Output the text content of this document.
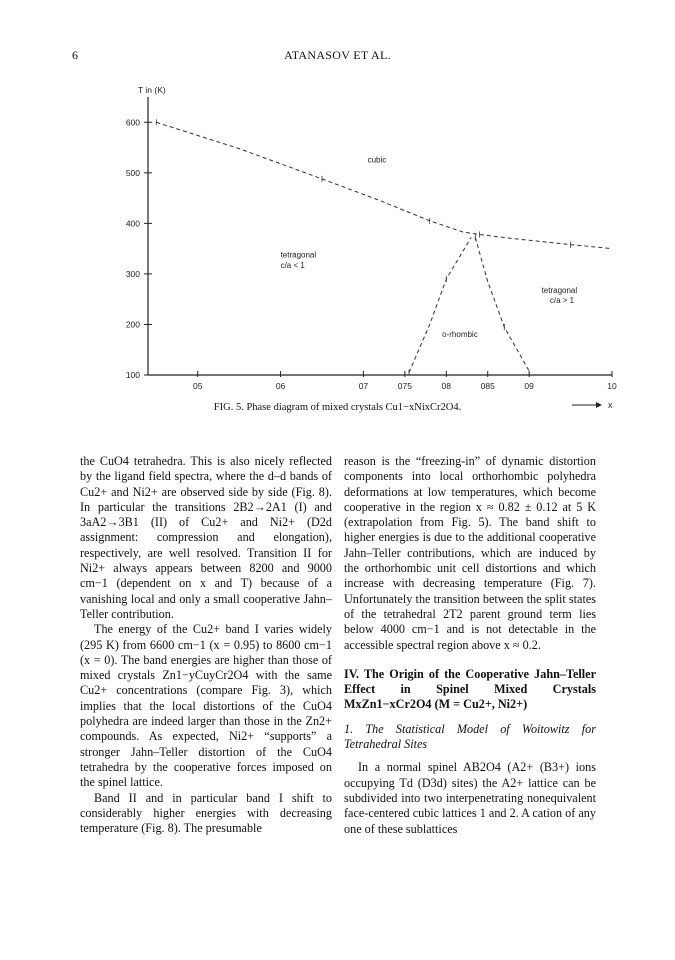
6	ATANASOV ET AL.
T in (K)
x
100
200
300
400
500
600
05	06	07	075	08	085	09	10
cubic
tetragonal
c/a < 1
tetragonal
c/a > 1
o-rhombic
FIG. 5. Phase diagram of mixed crystals Cu1−xNixCr2O4.

the CuO4 tetrahedra. This is also nicely reflected by the ligand field spectra, where the d–d bands of Cu2+ and Ni2+ are observed side by side (Fig. 8). In particular the transitions 2B2→2A1 (I) and 3aA2→3B1 (II) of Cu2+ and Ni2+ (D2d assignment: compression and elongation), respectively, are well resolved. Transition II for Ni2+ always appears between 8200 and 9000 cm−1 (dependent on x and T) because of a vanishing local and only a small cooperative Jahn–Teller contribution.

The energy of the Cu2+ band I varies widely (295 K) from 6600 cm−1 (x = 0.95) to 8600 cm−1 (x = 0). The band energies are higher than those of mixed crystals Zn1−yCuyCr2O4 with the same Cu2+ concentrations (compare Fig. 3), which implies that the local distortions of the CuO4 polyhedra are indeed larger than those in the Zn2+ compounds. As expected, Ni2+ “supports” a stronger Jahn–Teller distortion of the CuO4 tetrahedra by the cooperative forces imposed on the spinel lattice.

Band II and in particular band I shift to considerably higher energies with decreasing temperature (Fig. 8). The presumable

reason is the “freezing-in” of dynamic distortion components into local orthorhombic polyhedra deformations at low temperatures, which become cooperative in the region x ≈ 0.82 ± 0.12 at 5 K (extrapolation from Fig. 5). The band shift to higher energies is due to the additional cooperative Jahn–Teller contributions, which are induced by the orthorhombic unit cell distortions and which increase with decreasing temperature (Fig. 7). Unfortunately the transition between the split states of the tetrahedral 2T2 parent ground term lies below 4000 cm−1 and is not detectable in the accessible spectral region above x ≈ 0.2.

IV. The Origin of the Cooperative Jahn–Teller Effect in Spinel Mixed Crystals MxZn1−xCr2O4 (M = Cu2+, Ni2+)

1. The Statistical Model of Woitowitz for Tetrahedral Sites

In a normal spinel AB2O4 (A2+ (B3+) ions occupying Td (D3d) sites) the A2+ lattice can be subdivided into two interpenetrating nonequivalent face-centered cubic lattices 1 and 2. A cation of any one of these sublattices
